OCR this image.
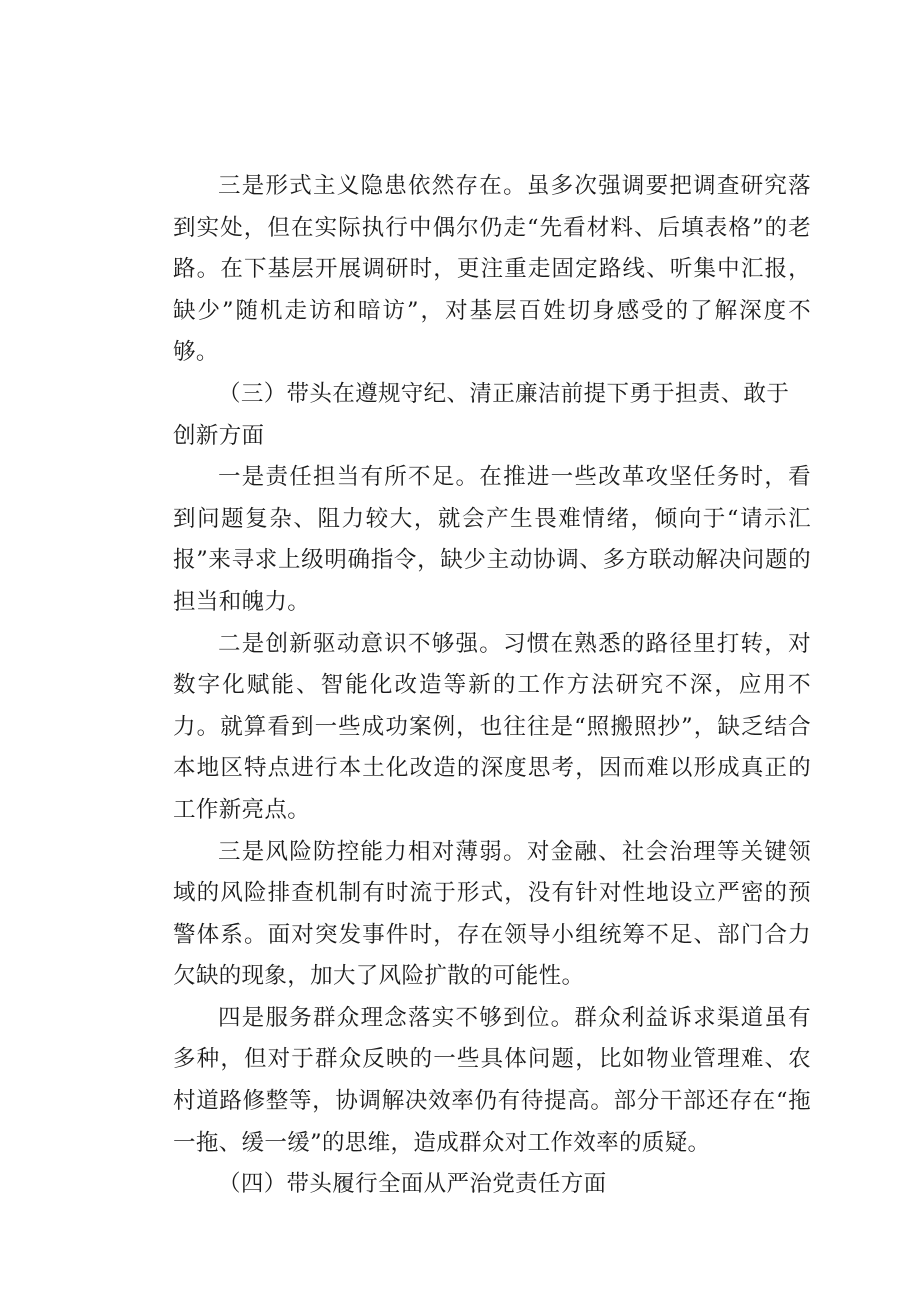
三是形式主义隐患依然存在。虽多次强调要把调查研究落到实处，但在实际执行中偶尔仍走“先看材料、后填表格”的老路。在下基层开展调研时，更注重走固定路线、听集中汇报，缺少”随机走访和暗访”，对基层百姓切身感受的了解深度不够。

（三）带头在遵规守纪、清正廉洁前提下勇于担责、敢于创新方面

一是责任担当有所不足。在推进一些改革攻坚任务时，看到问题复杂、阻力较大，就会产生畏难情绪，倾向于“请示汇报”来寻求上级明确指令，缺少主动协调、多方联动解决问题的担当和魄力。

二是创新驱动意识不够强。习惯在熟悉的路径里打转，对数字化赋能、智能化改造等新的工作方法研究不深，应用不力。就算看到一些成功案例，也往往是“照搬照抄”，缺乏结合本地区特点进行本土化改造的深度思考，因而难以形成真正的工作新亮点。

三是风险防控能力相对薄弱。对金融、社会治理等关键领域的风险排查机制有时流于形式，没有针对性地设立严密的预警体系。面对突发事件时，存在领导小组统筹不足、部门合力欠缺的现象，加大了风险扩散的可能性。

四是服务群众理念落实不够到位。群众利益诉求渠道虽有多种，但对于群众反映的一些具体问题，比如物业管理难、农村道路修整等，协调解决效率仍有待提高。部分干部还存在“拖一拖、缓一缓”的思维，造成群众对工作效率的质疑。

（四）带头履行全面从严治党责任方面
